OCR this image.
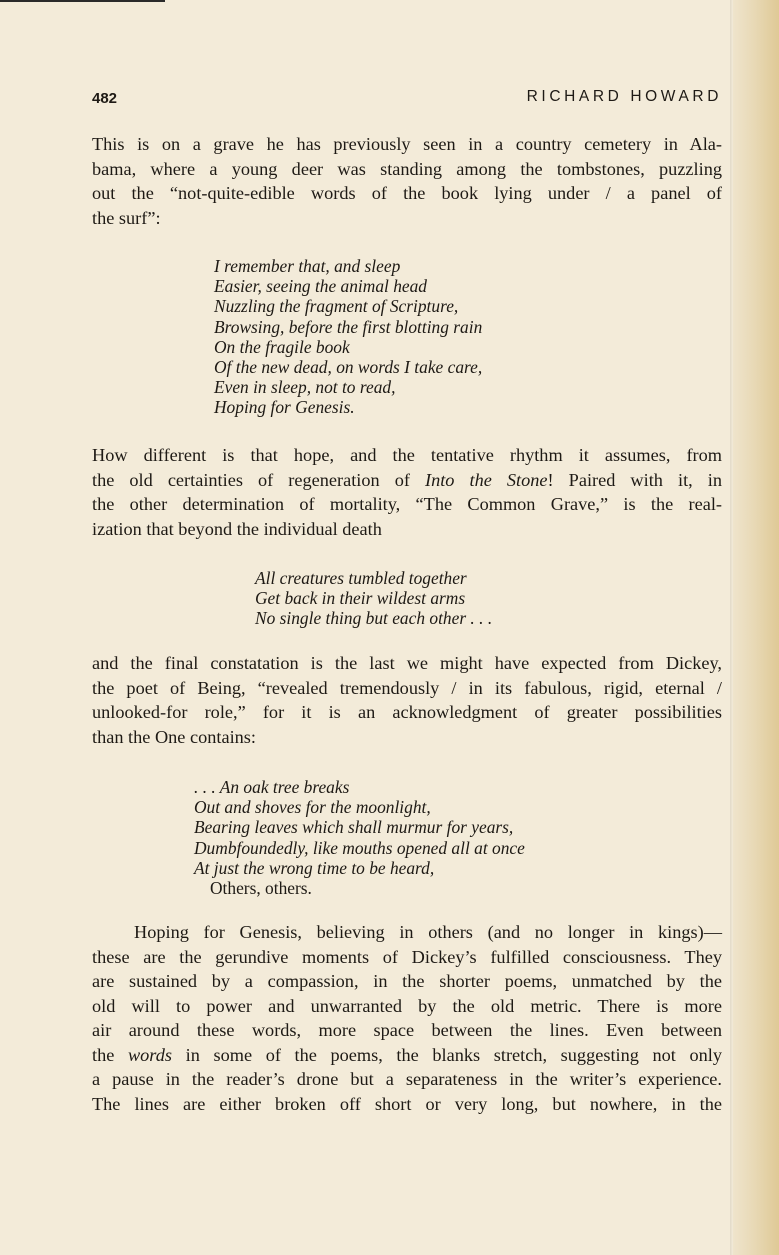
482	RICHARD HOWARD
This is on a grave he has previously seen in a country cemetery in Ala-
bama, where a young deer was standing among the tombstones, puzzling
out the “not-quite-edible words of the book lying under / a panel of
the surf”:
I remember that, and sleep
Easier, seeing the animal head
Nuzzling the fragment of Scripture,
Browsing, before the first blotting rain
On the fragile book
Of the new dead, on words I take care,
Even in sleep, not to read,
Hoping for Genesis.
How different is that hope, and the tentative rhythm it assumes, from
the old certainties of regeneration of Into the Stone! Paired with it, in
the other determination of mortality, “The Common Grave,” is the real-
ization that beyond the individual death
All creatures tumbled together
Get back in their wildest arms
No single thing but each other . . .
and the final constatation is the last we might have expected from Dickey,
the poet of Being, “revealed tremendously / in its fabulous, rigid, eternal /
unlooked-for role,” for it is an acknowledgment of greater possibilities
than the One contains:
. . . An oak tree breaks
Out and shoves for the moonlight,
Bearing leaves which shall murmur for years,
Dumbfoundedly, like mouths opened all at once
At just the wrong time to be heard,
Others, others.
Hoping for Genesis, believing in others (and no longer in kings)—
these are the gerundive moments of Dickey’s fulfilled consciousness. They
are sustained by a compassion, in the shorter poems, unmatched by the
old will to power and unwarranted by the old metric. There is more
air around these words, more space between the lines. Even between
the words in some of the poems, the blanks stretch, suggesting not only
a pause in the reader’s drone but a separateness in the writer’s experience.
The lines are either broken off short or very long, but nowhere, in the
